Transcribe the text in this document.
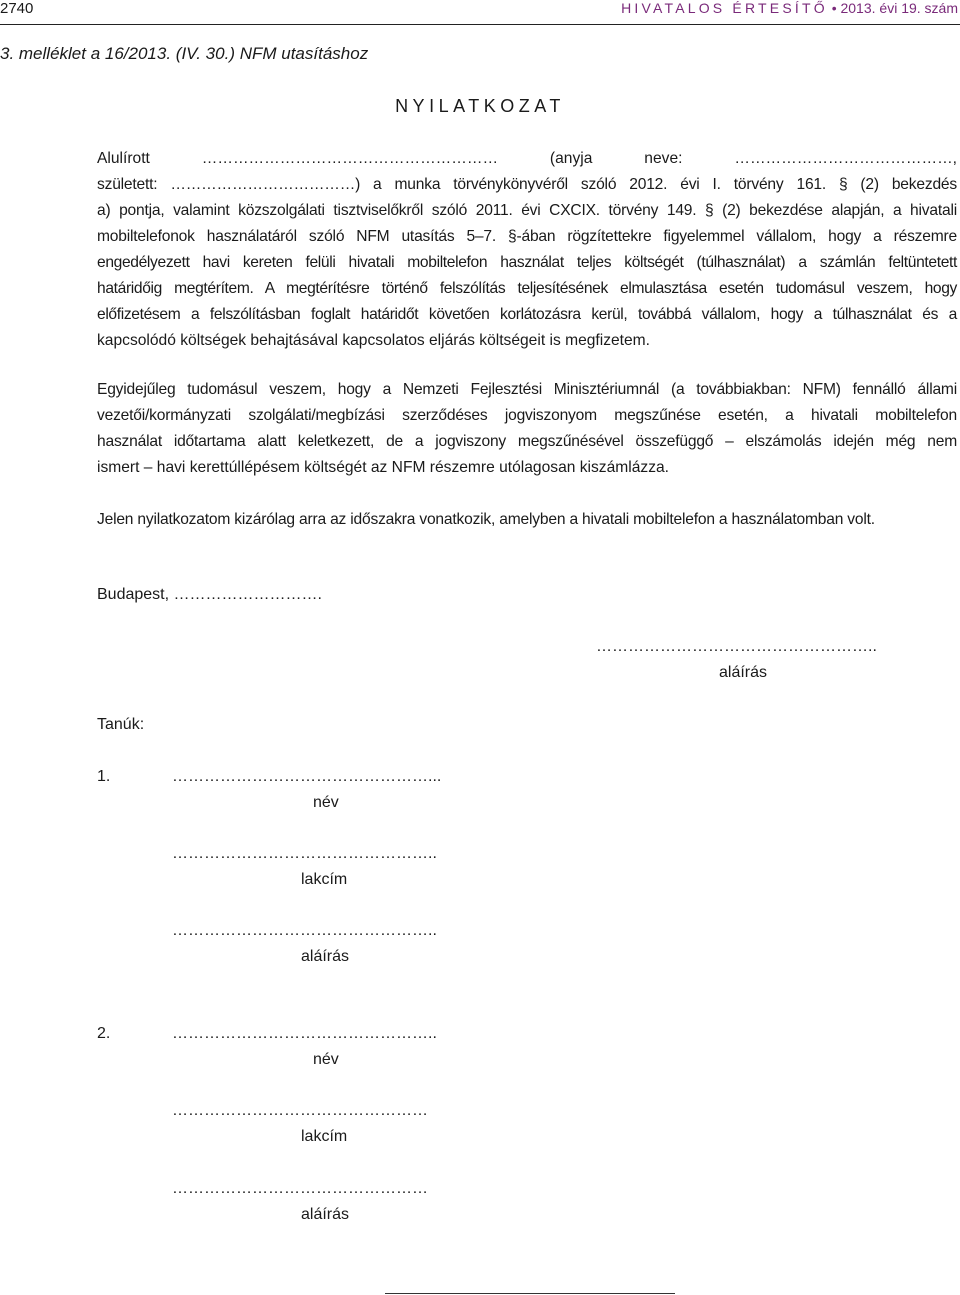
2740	HIVATALOS ÉRTESÍTŐ • 2013. évi 19. szám
3. melléklet a 16/2013. (IV. 30.) NFM utasításhoz
NYILATKOZAT
Alulírott ………………………………………………… (anyja neve: ……………………………………,
született: ………………………………) a munka törvénykönyvéről szóló 2012. évi I. törvény 161. § (2) bekezdés
a) pontja, valamint közszolgálati tisztviselőkről szóló 2011. évi CXCIX. törvény 149. § (2) bekezdése alapján, a hivatali
mobiltelefonok használatáról szóló NFM utasítás 5–7. §-ában rögzítettekre figyelemmel vállalom, hogy a részemre
engedélyezett havi kereten felüli hivatali mobiltelefon használat teljes költségét (túlhasználat) a számlán feltüntetett
határidőig megtérítem. A megtérítésre történő felszólítás teljesítésének elmulasztása esetén tudomásul veszem, hogy
előfizetésem a felszólításban foglalt határidőt követően korlátozásra kerül, továbbá vállalom, hogy a túlhasználat és a
kapcsolódó költségek behajtásával kapcsolatos eljárás költségeit is megfizetem.
Egyidejűleg tudomásul veszem, hogy a Nemzeti Fejlesztési Minisztériumnál (a továbbiakban: NFM) fennálló állami
vezetői/kormányzati szolgálati/megbízási szerződéses jogviszonyom megszűnése esetén, a hivatali mobiltelefon
használat időtartama alatt keletkezett, de a jogviszony megszűnésével összefüggő – elszámolás idején még nem
ismert – havi kerettúllépésem költségét az NFM részemre utólagosan kiszámlázza.
Jelen nyilatkozatom kizárólag arra az időszakra vonatkozik, amelyben a hivatali mobiltelefon a használatomban volt.
Budapest, ……………………….
……………………………………………..
aláírás
Tanúk:
1.	…………………………………………...
név
…………………………………………..
lakcím
…………………………………………..
aláírás
2.	…………………………………………..
név
…………………………………………
lakcím
…………………………………………
aláírás
